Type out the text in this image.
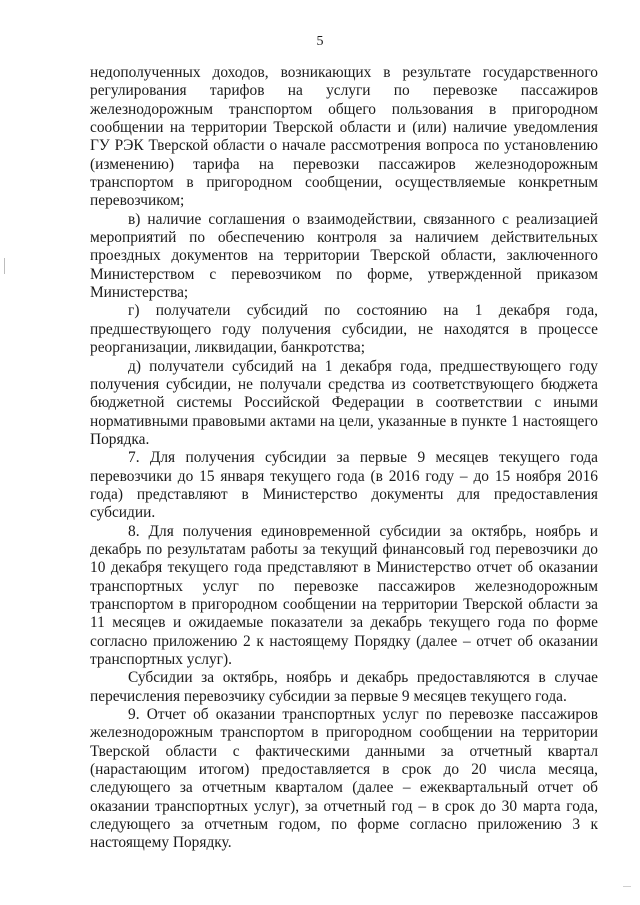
5

недополученных доходов, возникающих в результате государственного регулирования тарифов на услуги по перевозке пассажиров железнодорожным транспортом общего пользования в пригородном сообщении на территории Тверской области и (или) наличие уведомления ГУ РЭК Тверской области о начале рассмотрения вопроса по установлению (изменению) тарифа на перевозки пассажиров железнодорожным транспортом в пригородном сообщении, осуществляемые конкретным перевозчиком;

в) наличие соглашения о взаимодействии, связанного с реализацией мероприятий по обеспечению контроля за наличием действительных проездных документов на территории Тверской области, заключенного Министерством с перевозчиком по форме, утвержденной приказом Министерства;

г) получатели субсидий по состоянию на 1 декабря года, предшествующего году получения субсидии, не находятся в процессе реорганизации, ликвидации, банкротства;

д) получатели субсидий на 1 декабря года, предшествующего году получения субсидии, не получали средства из соответствующего бюджета бюджетной системы Российской Федерации в соответствии с иными нормативными правовыми актами на цели, указанные в пункте 1 настоящего Порядка.

7. Для получения субсидии за первые 9 месяцев текущего года перевозчики до 15 января текущего года (в 2016 году – до 15 ноября 2016 года) представляют в Министерство документы для предоставления субсидии.

8. Для получения единовременной субсидии за октябрь, ноябрь и декабрь по результатам работы за текущий финансовый год перевозчики до 10 декабря текущего года представляют в Министерство отчет об оказании транспортных услуг по перевозке пассажиров железнодорожным транспортом в пригородном сообщении на территории Тверской области за 11 месяцев и ожидаемые показатели за декабрь текущего года по форме согласно приложению 2 к настоящему Порядку (далее – отчет об оказании транспортных услуг).

Субсидии за октябрь, ноябрь и декабрь предоставляются в случае перечисления перевозчику субсидии за первые 9 месяцев текущего года.

9. Отчет об оказании транспортных услуг по перевозке пассажиров железнодорожным транспортом в пригородном сообщении на территории Тверской области с фактическими данными за отчетный квартал (нарастающим итогом) предоставляется в срок до 20 числа месяца, следующего за отчетным кварталом (далее – ежеквартальный отчет об оказании транспортных услуг), за отчетный год – в срок до 30 марта года, следующего за отчетным годом, по форме согласно приложению 3 к настоящему Порядку.
